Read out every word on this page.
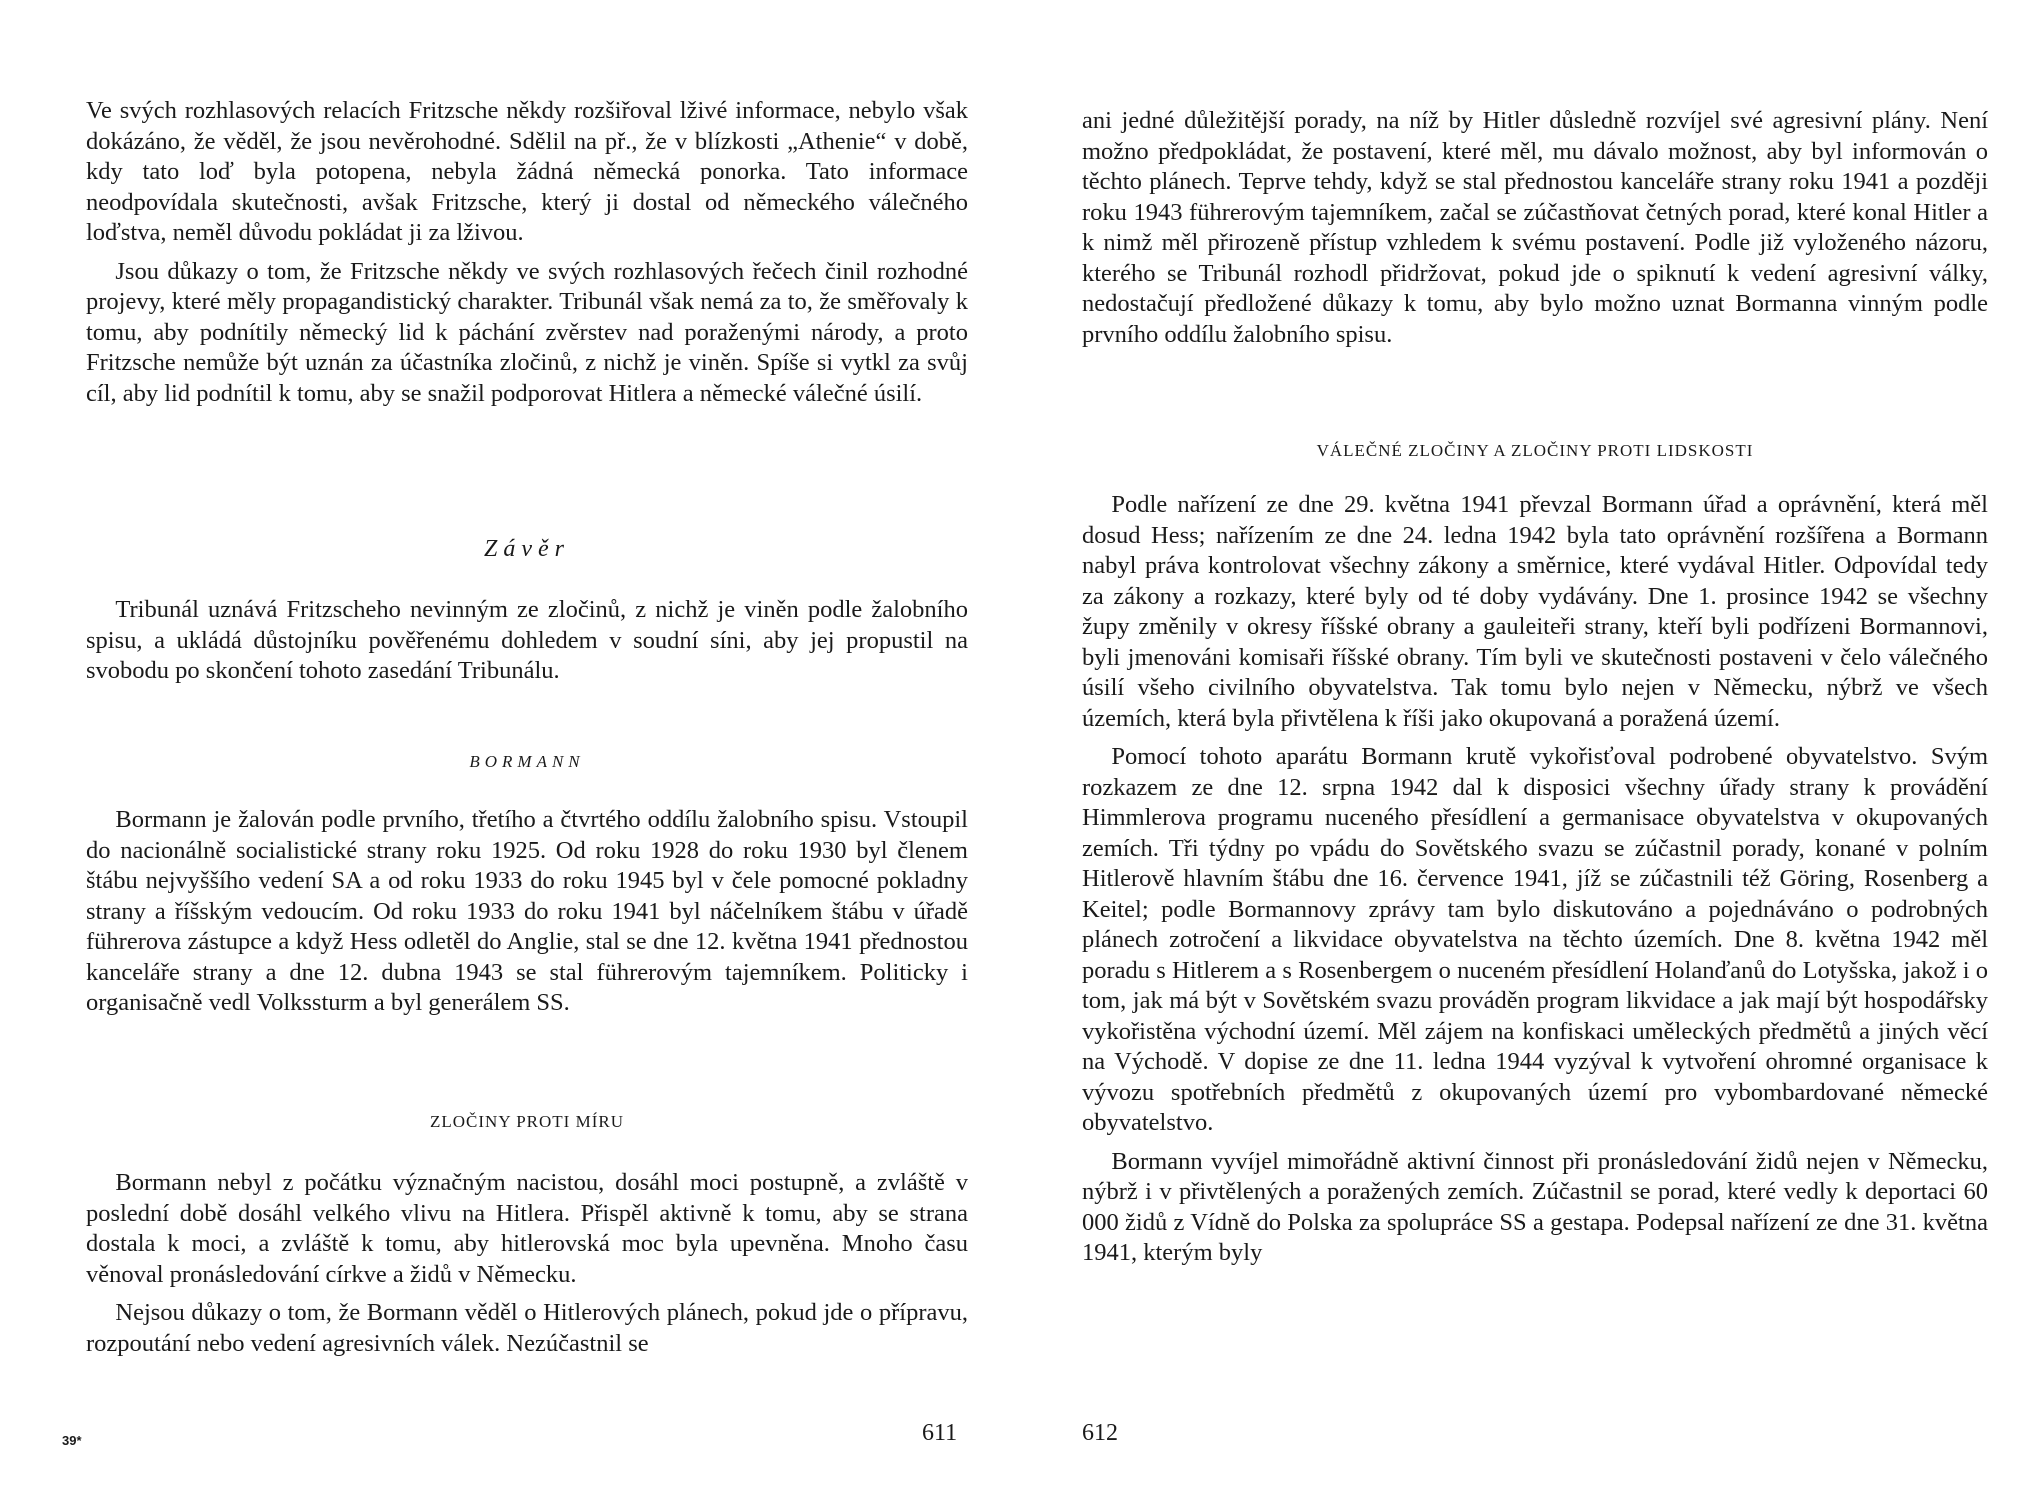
Ve svých rozhlasových relacích Fritzsche někdy rozšiřoval lživé informace, nebylo však dokázáno, že věděl, že jsou nevěrohodné. Sdělil na př., že v blízkosti „Athenie“ v době, kdy tato loď byla potopena, nebyla žádná německá ponorka. Tato informace neodpovídala skutečnosti, avšak Fritzsche, který ji dostal od německého válečného loďstva, neměl důvodu pokládat ji za lživou.

Jsou důkazy o tom, že Fritzsche někdy ve svých rozhlasových řečech činil rozhodné projevy, které měly propagandistický charakter. Tribunál však nemá za to, že směřovaly k tomu, aby podnítily německý lid k páchání zvěrstev nad poraženými národy, a proto Fritzsche nemůže být uznán za účastníka zločinů, z nichž je viněn. Spíše si vytkl za svůj cíl, aby lid podnítil k tomu, aby se snažil podporovat Hitlera a německé válečné úsilí.

Závěr

Tribunál uznává Fritzscheho nevinným ze zločinů, z nichž je viněn podle žalobního spisu, a ukládá důstojníku pověřenému dohledem v soudní síni, aby jej propustil na svobodu po skončení tohoto zasedání Tribunálu.

BORMANN

Bormann je žalován podle prvního, třetího a čtvrtého oddílu žalobního spisu. Vstoupil do nacionálně socialistické strany roku 1925. Od roku 1928 do roku 1930 byl členem štábu nejvyššího vedení SA a od roku 1933 do roku 1945 byl v čele pomocné pokladny strany a říšským vedoucím. Od roku 1933 do roku 1941 byl náčelníkem štábu v úřadě führerova zástupce a když Hess odletěl do Anglie, stal se dne 12. května 1941 přednostou kanceláře strany a dne 12. dubna 1943 se stal führerovým tajemníkem. Politicky i organisačně vedl Volkssturm a byl generálem SS.

ZLOČINY PROTI MÍRU

Bormann nebyl z počátku význačným nacistou, dosáhl moci postupně, a zvláště v poslední době dosáhl velkého vlivu na Hitlera. Přispěl aktivně k tomu, aby se strana dostala k moci, a zvláště k tomu, aby hitlerovská moc byla upevněna. Mnoho času věnoval pronásledování církve a židů v Německu.

Nejsou důkazy o tom, že Bormann věděl o Hitlerových plánech, pokud jde o přípravu, rozpoutání nebo vedení agresivních válek. Nezúčastnil se

39*	611

ani jedné důležitější porady, na níž by Hitler důsledně rozvíjel své agresivní plány. Není možno předpokládat, že postavení, které měl, mu dávalo možnost, aby byl informován o těchto plánech. Teprve tehdy, když se stal přednostou kanceláře strany roku 1941 a později roku 1943 führerovým tajemníkem, začal se zúčastňovat četných porad, které konal Hitler a k nimž měl přirozeně přístup vzhledem k svému postavení. Podle již vyloženého názoru, kterého se Tribunál rozhodl přidržovat, pokud jde o spiknutí k vedení agresivní války, nedostačují předložené důkazy k tomu, aby bylo možno uznat Bormanna vinným podle prvního oddílu žalobního spisu.

VÁLEČNÉ ZLOČINY A ZLOČINY PROTI LIDSKOSTI

Podle nařízení ze dne 29. května 1941 převzal Bormann úřad a oprávnění, která měl dosud Hess; nařízením ze dne 24. ledna 1942 byla tato oprávnění rozšířena a Bormann nabyl práva kontrolovat všechny zákony a směrnice, které vydával Hitler. Odpovídal tedy za zákony a rozkazy, které byly od té doby vydávány. Dne 1. prosince 1942 se všechny župy změnily v okresy říšské obrany a gauleiteři strany, kteří byli podřízeni Bormannovi, byli jmenováni komisaři říšské obrany. Tím byli ve skutečnosti postaveni v čelo válečného úsilí všeho civilního obyvatelstva. Tak tomu bylo nejen v Německu, nýbrž ve všech územích, která byla přivtělena k říši jako okupovaná a poražená území.

Pomocí tohoto aparátu Bormann krutě vykořisťoval podrobené obyvatelstvo. Svým rozkazem ze dne 12. srpna 1942 dal k disposici všechny úřady strany k provádění Himmlerova programu nuceného přesídlení a germanisace obyvatelstva v okupovaných zemích. Tři týdny po vpádu do Sovětského svazu se zúčastnil porady, konané v polním Hitlerově hlavním štábu dne 16. července 1941, jíž se zúčastnili též Göring, Rosenberg a Keitel; podle Bormannovy zprávy tam bylo diskutováno a pojednáváno o podrobných plánech zotročení a likvidace obyvatelstva na těchto územích. Dne 8. května 1942 měl poradu s Hitlerem a s Rosenbergem o nuceném přesídlení Holanďanů do Lotyšska, jakož i o tom, jak má být v Sovětském svazu prováděn program likvidace a jak mají být hospodářsky vykořistěna východní území. Měl zájem na konfiskaci uměleckých předmětů a jiných věcí na Východě. V dopise ze dne 11. ledna 1944 vyzýval k vytvoření ohromné organisace k vývozu spotřebních předmětů z okupovaných území pro vybombardované německé obyvatelstvo.

Bormann vyvíjel mimořádně aktivní činnost při pronásledování židů nejen v Německu, nýbrž i v přivtělených a poražených zemích. Zúčastnil se porad, které vedly k deportaci 60 000 židů z Vídně do Polska za spolupráce SS a gestapa. Podepsal nařízení ze dne 31. května 1941, kterým byly

612
